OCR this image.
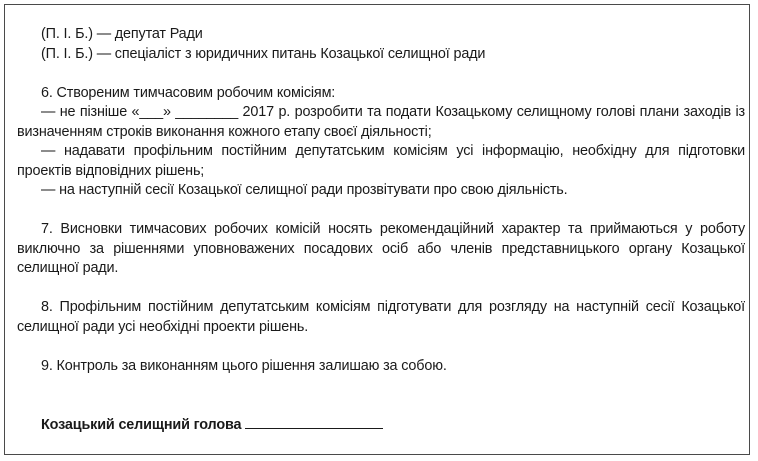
(П. І. Б.) — депутат Ради

(П. І. Б.) — спеціаліст з юридичних питань Козацької селищної ради

6. Створеним тимчасовим робочим комісіям:

— не пізніше «___» ________ 2017 р. розробити та подати Козацькому селищному голові плани заходів із визначенням строків виконання кожного етапу своєї діяльності;

— надавати профільним постійним депутатським комісіям усі інформацію, необхідну для підготовки проектів відповідних рішень;

— на наступній сесії Козацької селищної ради прозвітувати про свою діяльність.

7. Висновки тимчасових робочих комісій носять рекомендаційний характер та приймаються у роботу виключно за рішеннями уповноважених посадових осіб або членів представницького органу Козацької селищної ради.

8. Профільним постійним депутатським комісіям підготувати для розгляду на наступній сесії Козацької селищної ради усі необхідні проекти рішень.

9. Контроль за виконанням цього рішення залишаю за собою.

Козацький селищний голова
